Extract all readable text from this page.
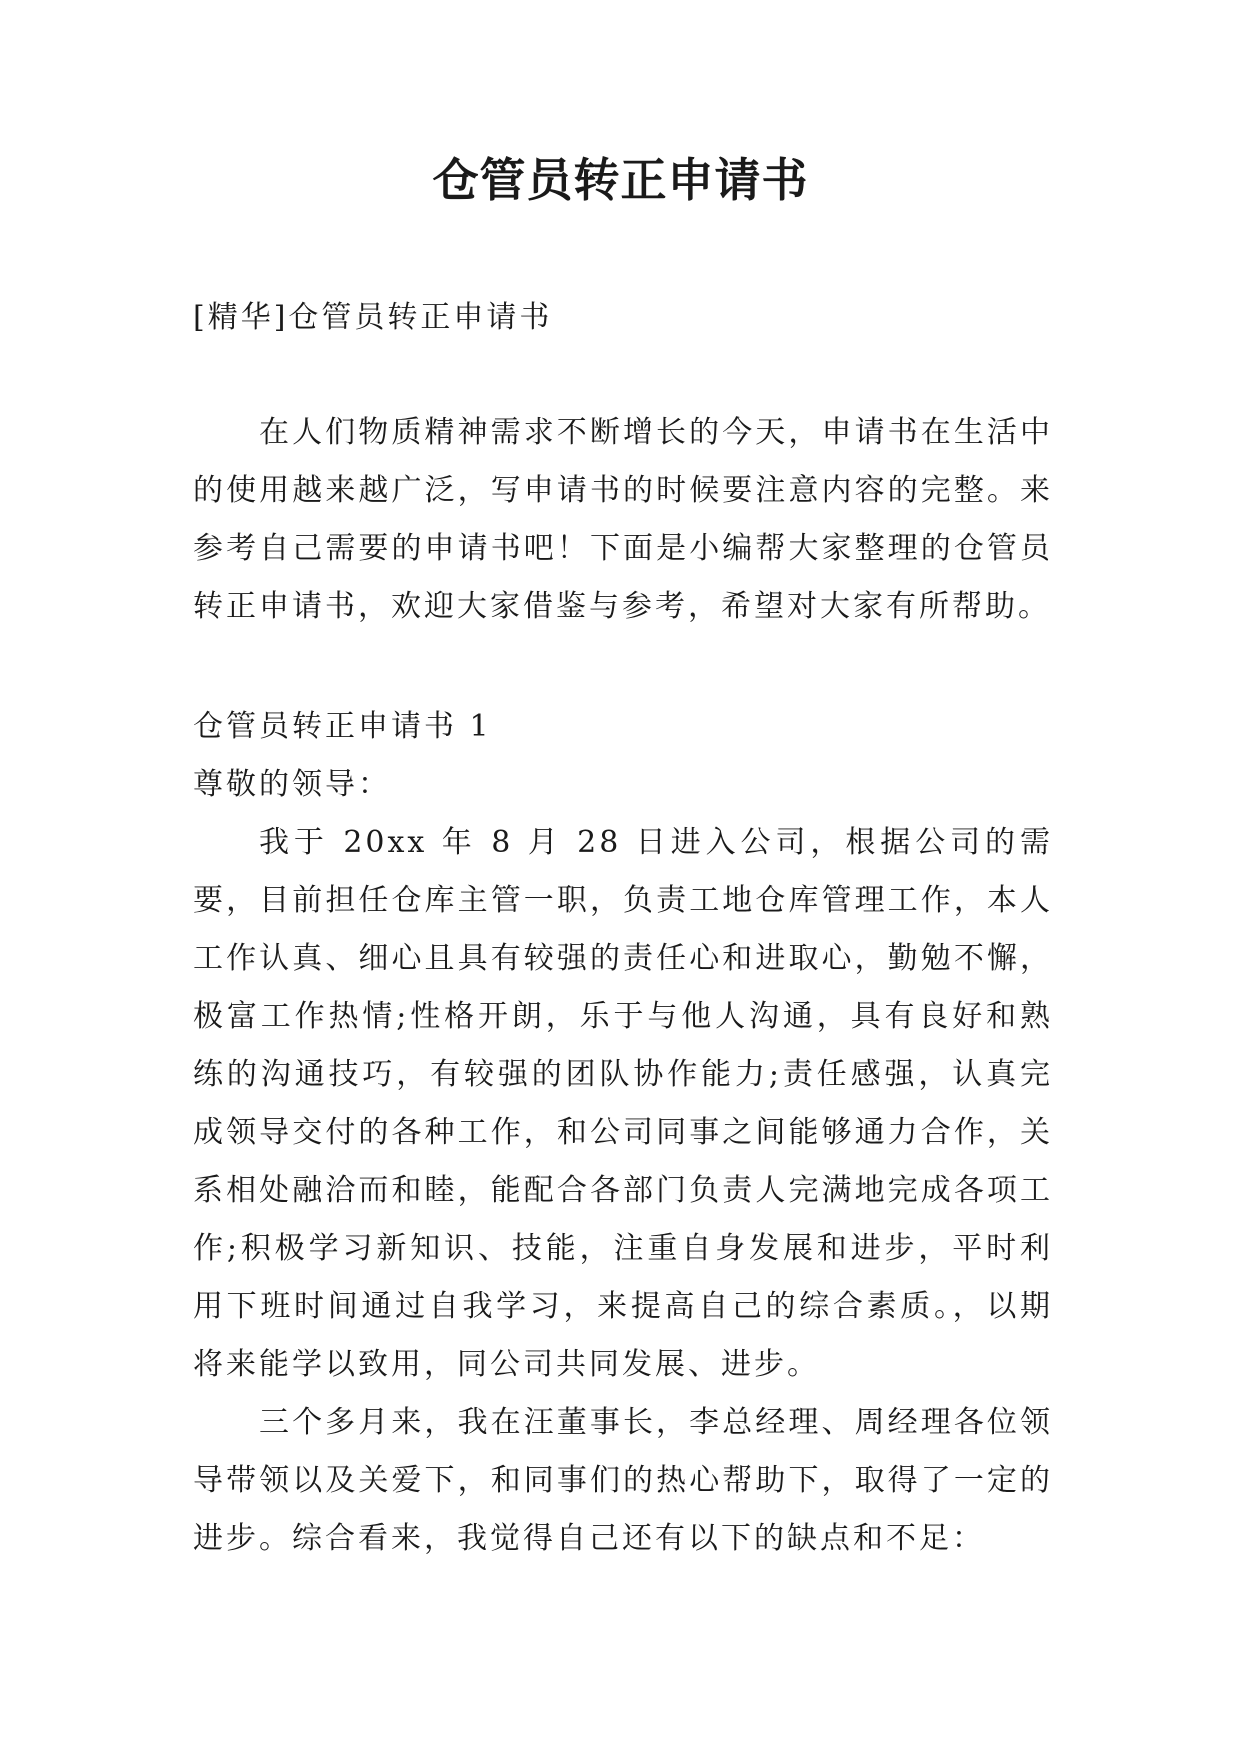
仓管员转正申请书

[精华]仓管员转正申请书

在人们物质精神需求不断增长的今天，申请书在生活中的使用越来越广泛，写申请书的时候要注意内容的完整。来参考自己需要的申请书吧！下面是小编帮大家整理的仓管员转正申请书，欢迎大家借鉴与参考，希望对大家有所帮助。

仓管员转正申请书 1

尊敬的领导：

我于 20xx 年 8 月 28 日进入公司，根据公司的需要，目前担任仓库主管一职，负责工地仓库管理工作，本人工作认真、细心且具有较强的责任心和进取心，勤勉不懈，极富工作热情;性格开朗，乐于与他人沟通，具有良好和熟练的沟通技巧，有较强的团队协作能力;责任感强，认真完成领导交付的各种工作，和公司同事之间能够通力合作，关系相处融洽而和睦，能配合各部门负责人完满地完成各项工作;积极学习新知识、技能，注重自身发展和进步，平时利用下班时间通过自我学习，来提高自己的综合素质。，以期将来能学以致用，同公司共同发展、进步。

三个多月来，我在汪董事长，李总经理、周经理各位领导带领以及关爱下，和同事们的热心帮助下，取得了一定的进步。综合看来，我觉得自己还有以下的缺点和不足：
